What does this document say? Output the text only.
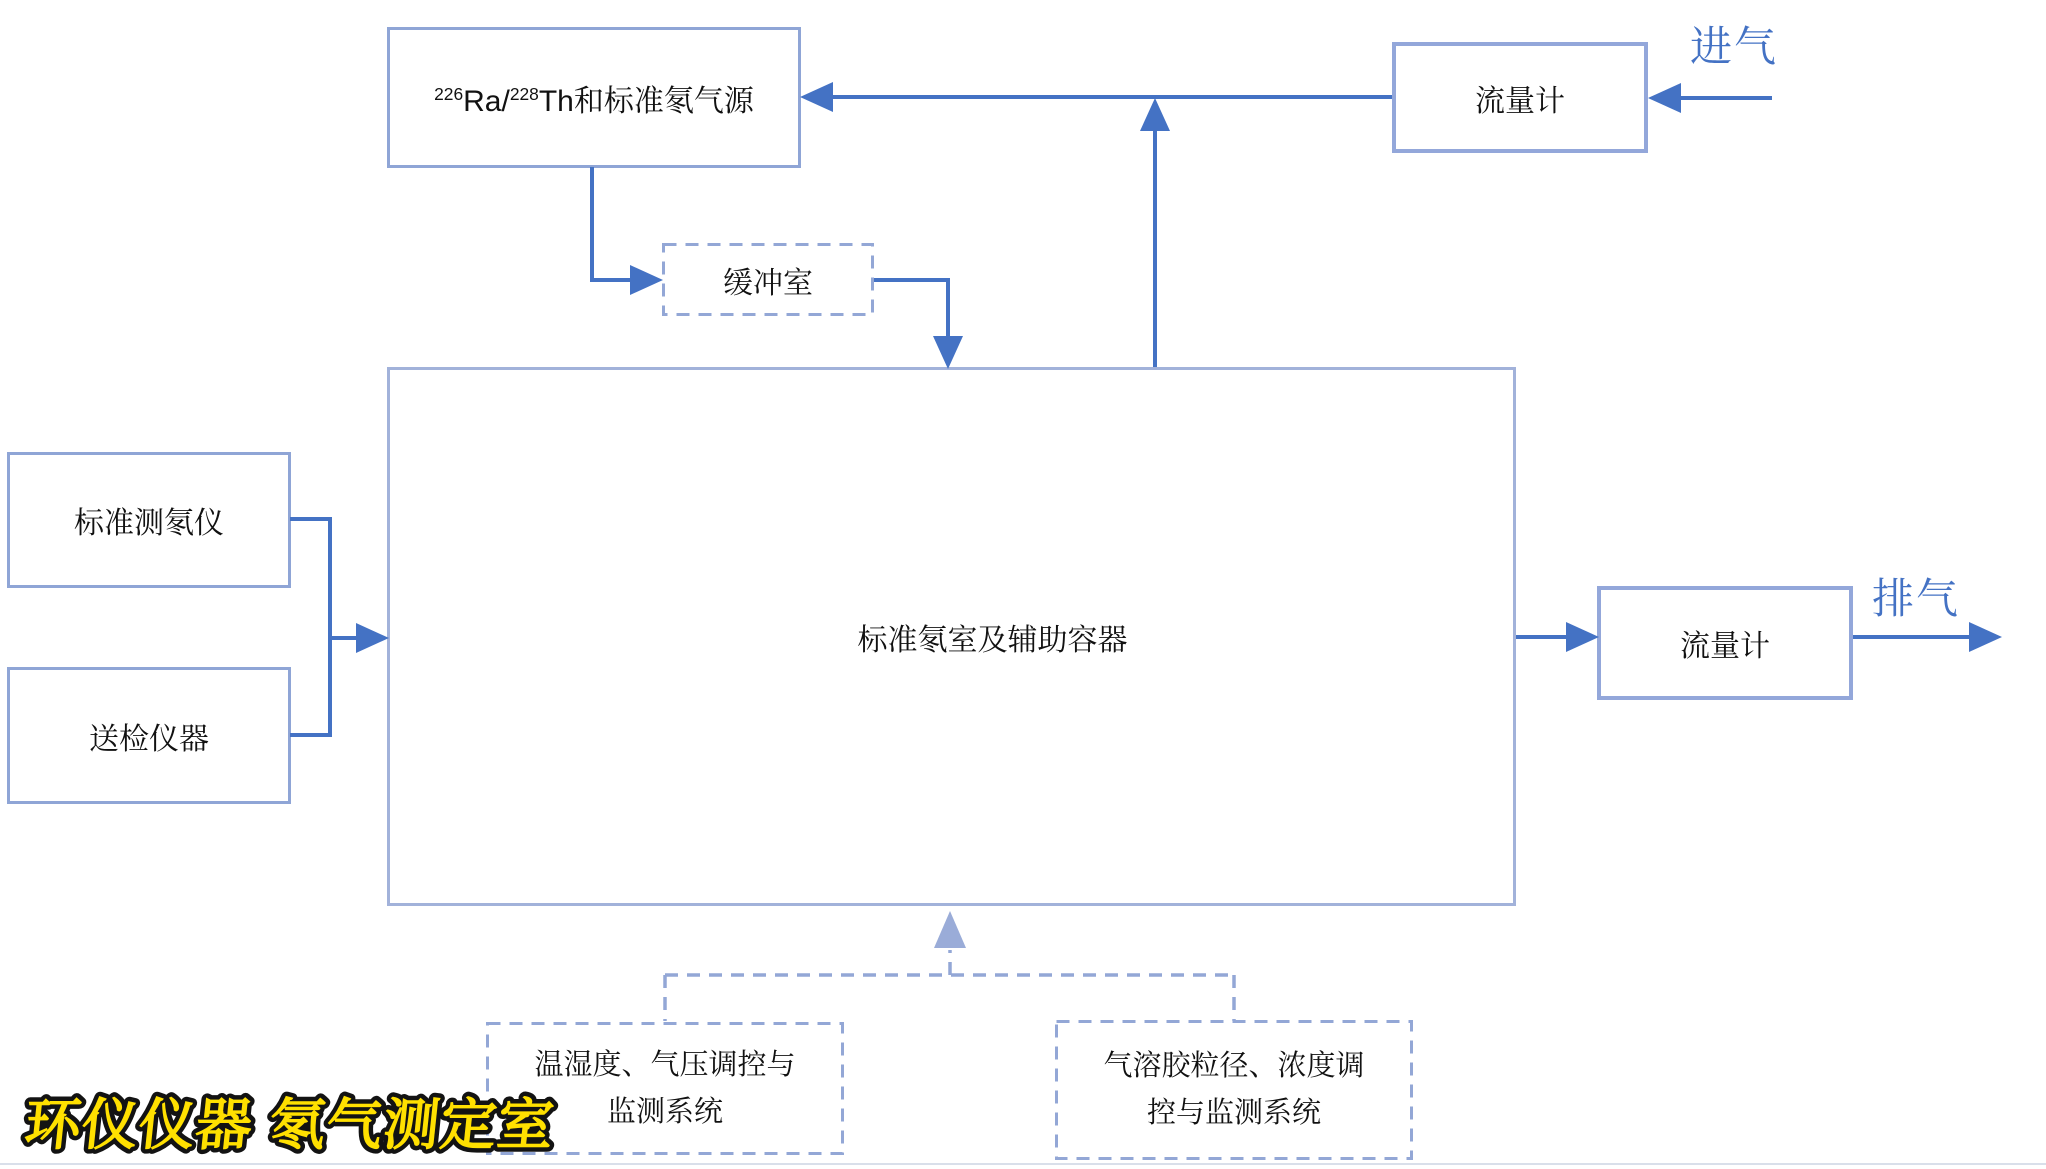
$^{226}$Ra/$^{228}$Th和标准氡气源	流量计
缓冲室
标准氡室及辅助容器
标准测氡仪
送检仪器
流量计
温湿度、气压调控与
监测系统
气溶胶粒径、浓度调
控与监测系统
进气
排气
环仪仪器 氡气测定室
